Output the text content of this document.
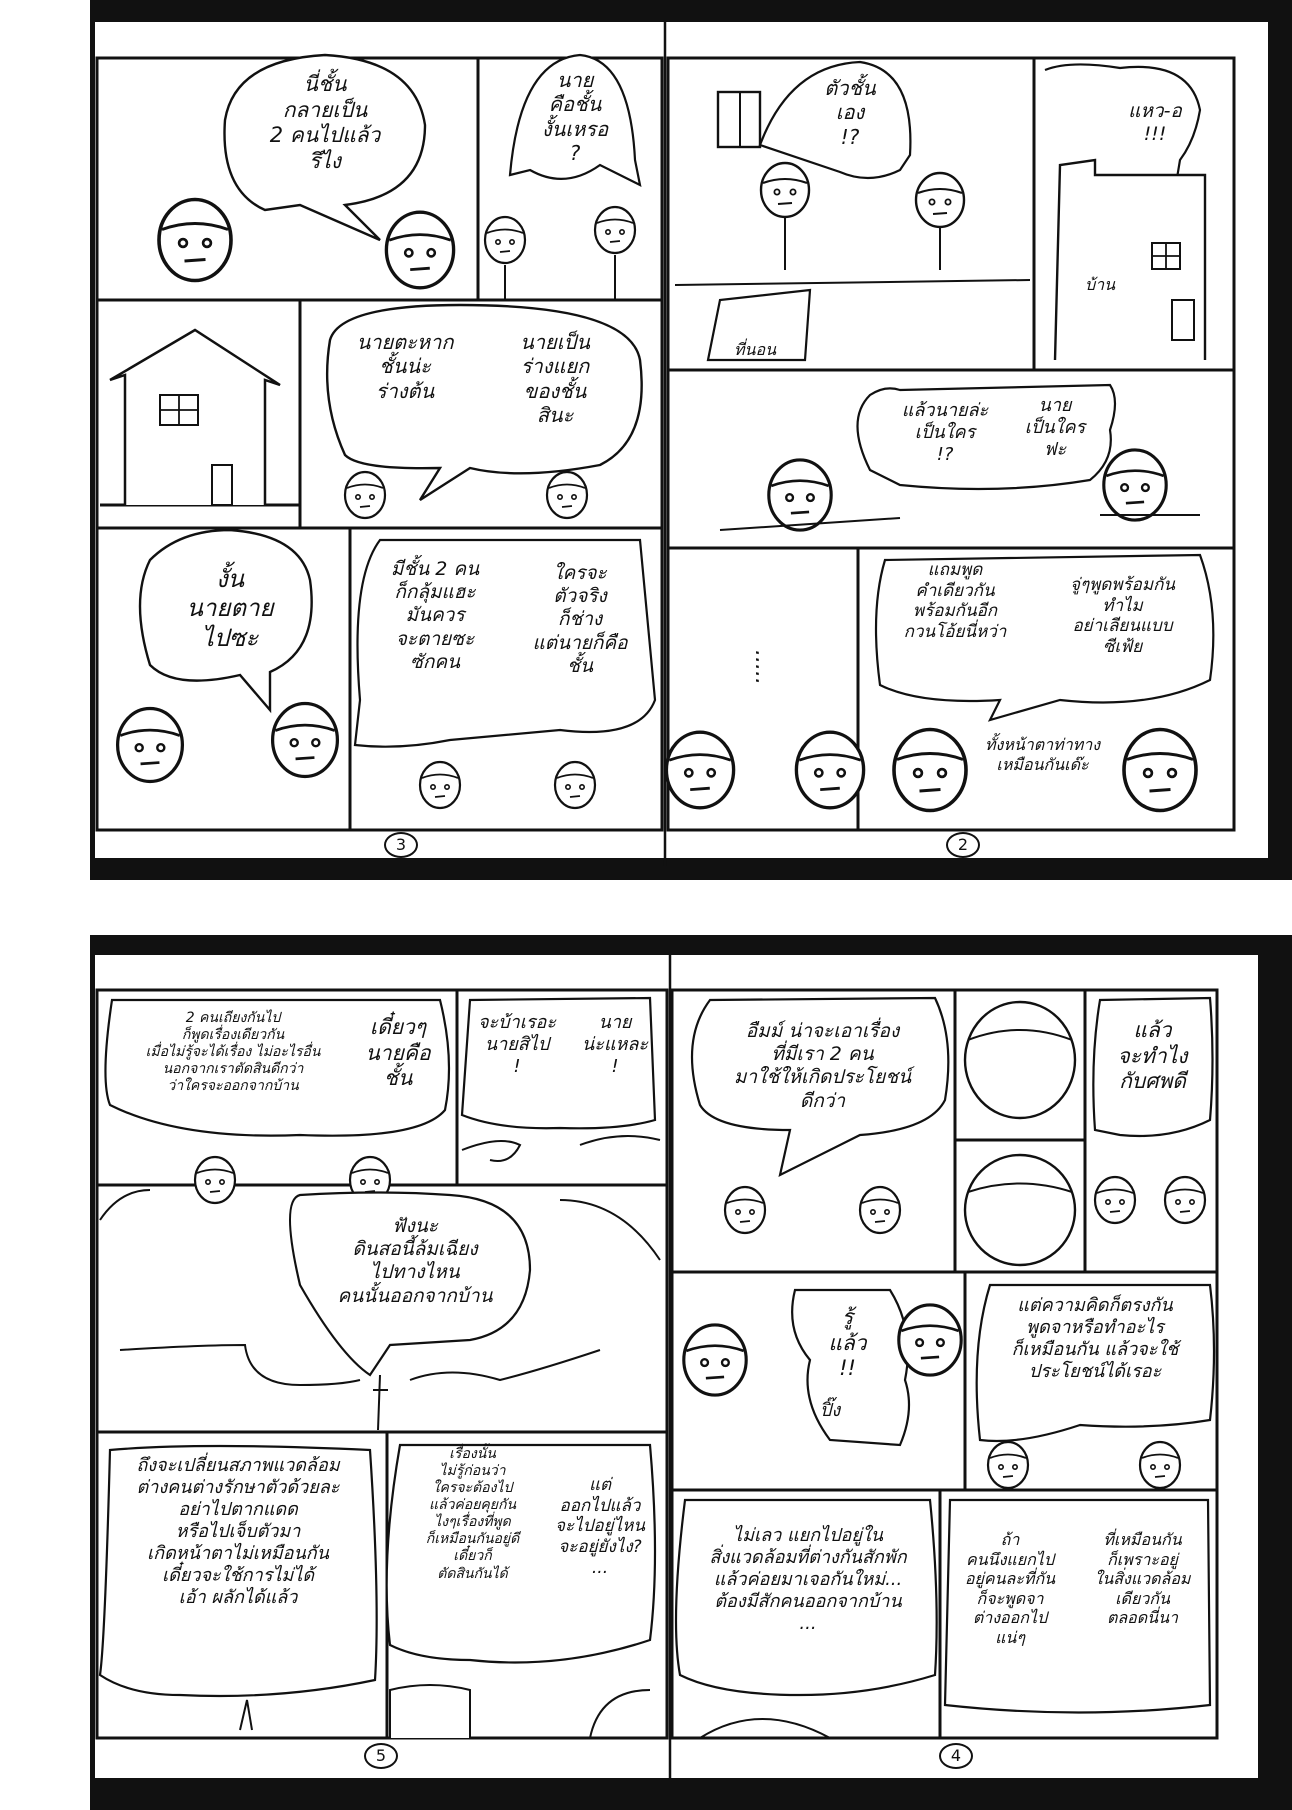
นี่ชั้น
กลายเป็น
2 คนไปแล้ว
รึไง
นาย
คือชั้น
งั้นเหรอ
?
นายตะหาก
ชั้นน่ะ
ร่างต้น
นายเป็น
ร่างแยก
ของชั้น
สินะ
งั้น
นายตาย
ไปซะ
มีชั้น 2 คน
ก็กลุ้มแฮะ
มันควร
จะตายซะ
ซักคน
ใครจะ
ตัวจริง
ก็ช่าง
แต่นายก็คือ
ชั้น
3
ตัวชั้น
เอง
!?
ที่นอน
แหว-อ
!!!
บ้าน
แล้วนายล่ะ
เป็นใคร
!?
นาย
เป็นใคร
ฟะ
.....
แถมพูด
คำเดียวกัน
พร้อมกันอีก
กวนโอ้ยนี่หว่า
จู่ๆพูดพร้อมกัน
ทำไม
อย่าเลียนแบบ
ซีเฟ้ย
ทั้งหน้าตาท่าทาง
เหมือนกันเด๊ะ
2
2 คนเถียงกันไป
ก็พูดเรื่องเดียวกัน
เมื่อไม่รู้จะได้เรื่อง ไม่อะไรอื่น
นอกจากเราตัดสินดีกว่า
ว่าใครจะออกจากบ้าน
เดี๋ยวๆ
นายคือ
ชั้น
จะบ้าเรอะ
นายสิไป
!
นาย
น่ะแหละ
!
ฟังนะ
ดินสอนี้ล้มเฉียง
ไปทางไหน
คนนั้นออกจากบ้าน
ถึงจะเปลี่ยนสภาพแวดล้อม
ต่างคนต่างรักษาตัวด้วยละ
อย่าไปตากแดด
หรือไปเจ็บตัวมา
เกิดหน้าตาไม่เหมือนกัน
เดี๋ยวจะใช้การไม่ได้
เอ้า ผลักได้แล้ว
เรื่องนั้น
ไม่รู้ก่อนว่า
ใครจะต้องไป
แล้วค่อยคุยกัน
ไงๆเรื่องที่พูด
ก็เหมือนกันอยู่ดี
เดี๋ยวก็
ตัดสินกันได้
แต่
ออกไปแล้ว
จะไปอยู่ไหน
จะอยู่ยังไง?
...
5
อืมม์ น่าจะเอาเรื่อง
ที่มีเรา 2 คน
มาใช้ให้เกิดประโยชน์
ดีกว่า
แล้ว
จะทำไง
กับศพดี
รู้
แล้ว
!!
ปิ๊ง
แต่ความคิดก็ตรงกัน
พูดจาหรือทำอะไร
ก็เหมือนกัน แล้วจะใช้
ประโยชน์ได้เรอะ
ไม่เลว แยกไปอยู่ใน
สิ่งแวดล้อมที่ต่างกันสักพัก
แล้วค่อยมาเจอกันใหม่...
ต้องมีสักคนออกจากบ้าน
...
ถ้า
คนนึงแยกไป
อยู่คนละที่กัน
ก็จะพูดจา
ต่างออกไป
แน่ๆ
ที่เหมือนกัน
ก็เพราะอยู่
ในสิ่งแวดล้อม
เดียวกัน
ตลอดนี่นา
4
